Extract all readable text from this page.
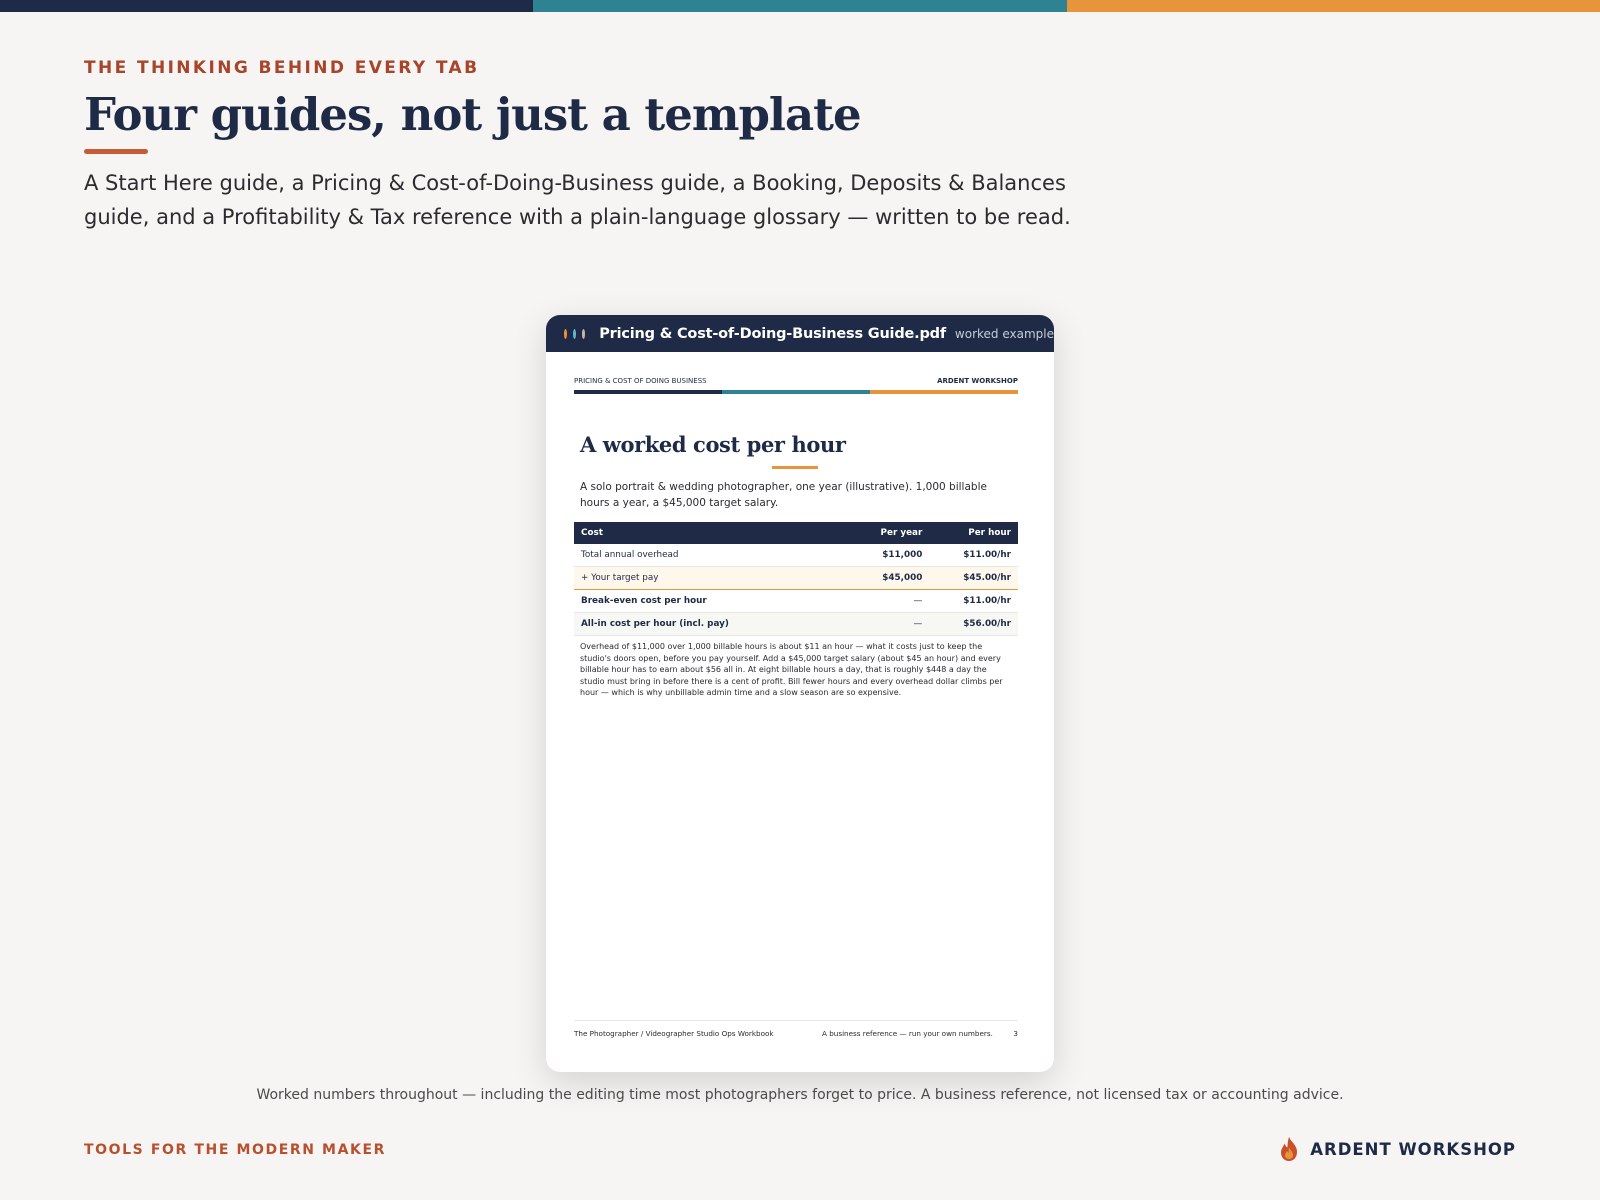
THE THINKING BEHIND EVERY TAB

Four guides, not just a template

A Start Here guide, a Pricing & Cost-of-Doing-Business guide, a Booking, Deposits & Balances guide, and a Profitability & Tax reference with a plain-language glossary — written to be read.

Pricing & Cost-of-Doing-Business Guide.pdf worked example
PRICING & COST OF DOING BUSINESS	ARDENT WORKSHOP
A worked cost per hour

A solo portrait & wedding photographer, one year (illustrative). 1,000 billable hours a year, a $45,000 target salary.

Cost	Per year	Per hour
Total annual overhead	$11,000	$11.00/hr
+ Your target pay	$45,000	$45.00/hr
Break-even cost per hour	—	$11.00/hr
All-in cost per hour (incl. pay)	—	$56.00/hr

Overhead of $11,000 over 1,000 billable hours is about $11 an hour — what it costs just to keep the studio's doors open, before you pay yourself. Add a $45,000 target salary (about $45 an hour) and every billable hour has to earn about $56 all in. At eight billable hours a day, that is roughly $448 a day the studio must bring in before there is a cent of profit. Bill fewer hours and every overhead dollar climbs per hour — which is why unbillable admin time and a slow season are so expensive.

The Photographer / Videographer Studio Ops Workbook	A business reference — run your own numbers.	3

Worked numbers throughout — including the editing time most photographers forget to price. A business reference, not licensed tax or accounting advice.

TOOLS FOR THE MODERN MAKER	ARDENT WORKSHOP
